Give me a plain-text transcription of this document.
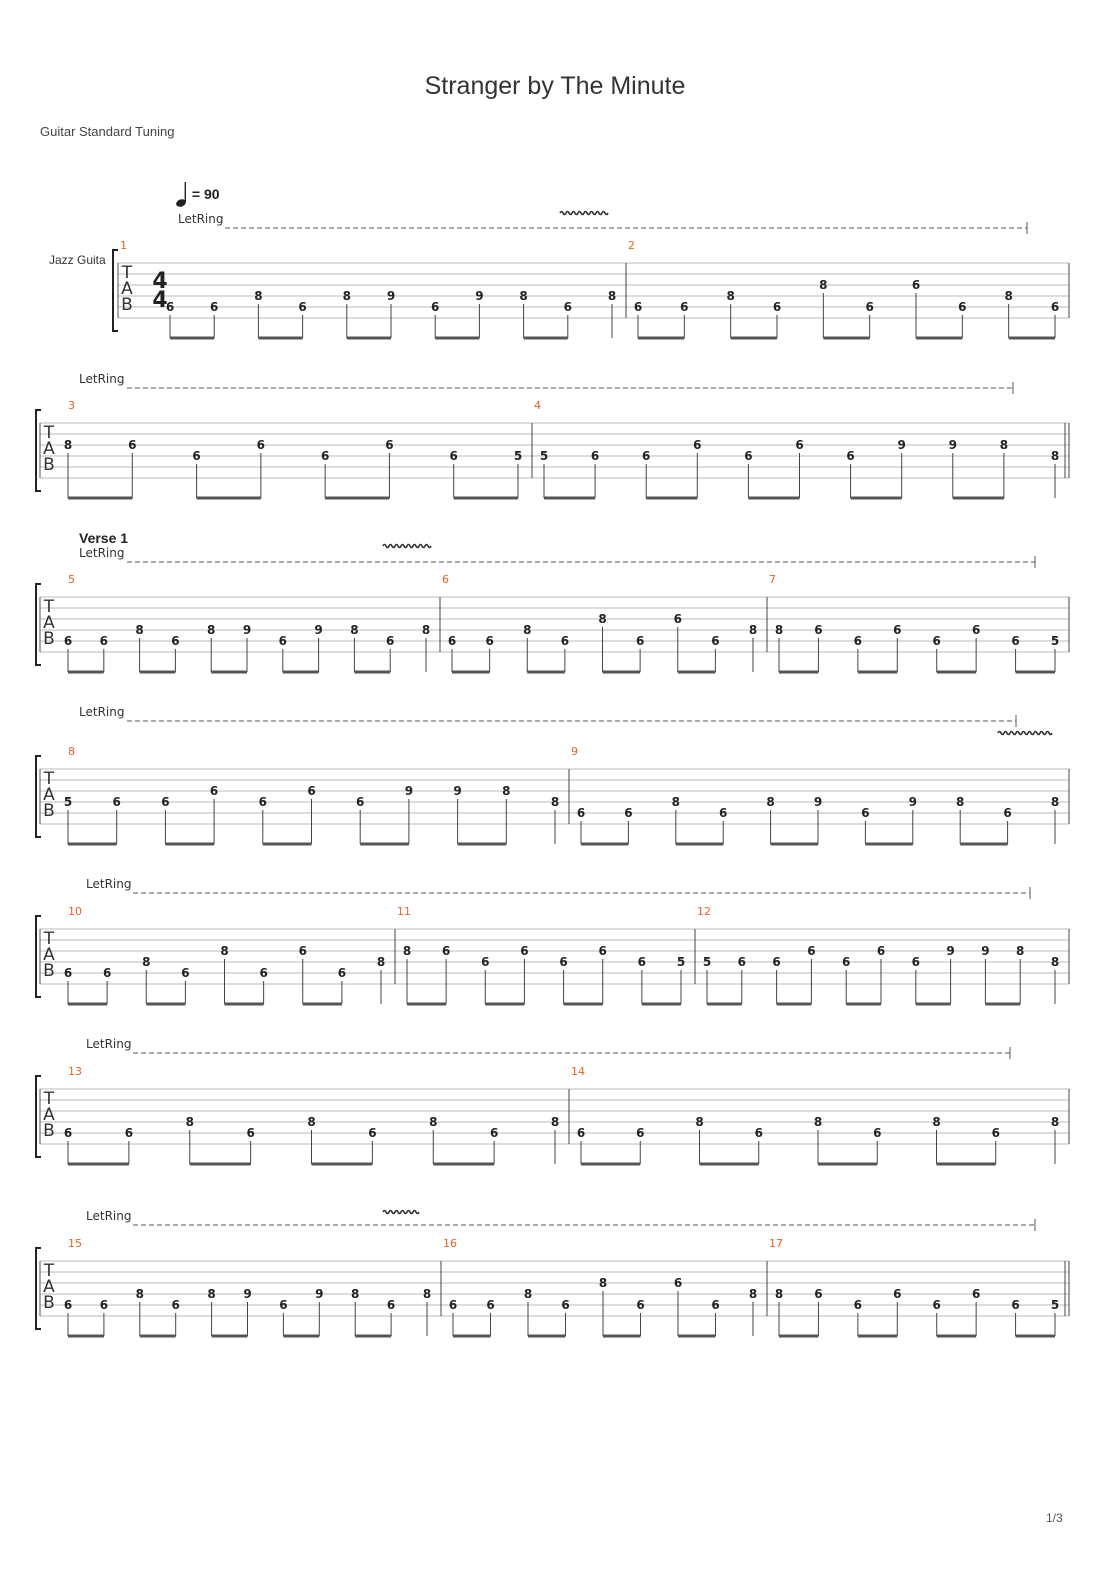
Stranger by The Minute
Guitar Standard Tuning
Jazz Guita
= 90
Verse 1
1/3
LetRing
T
A
B
4
4
1
6	6
8
6
8	9
6
9	8
6
8
2
6	6
8
6
8
6
6
6
8
6
LetRing
T
A
B
3
8	6
6
6
6
6
6	5
4
5	6	6
6
6
6
6
9	9	8
8
LetRing
T
A
B
5
6 6
8
6
8 9
6
9 8
6
8
6
6 6
8
6
8
6
6
6
8
7
8	6
6
6
6
6
6	5
LetRing
T
A
B
8
5	6	6
6
6
6
6
9	9	8
8
9
6	6
8
6
8	9
6
9	8
6
8
LetRing
T
A
B
10
6	6
8
6
8
6
6
6
8
11
8	6
6
6
6
6
6	5
12
5 6 6
6
6
6
6
9 9 8
8
LetRing
T
A
B
13
6	6
8
6
8
6
8
6
8
14
6	6
8
6
8
6
8
6
8
LetRing
T
A
B
15
6 6
8
6
8 9
6
9 8
6
8
16
6 6
8
6
8
6
6
6
8
17
8	6
6
6
6
6
6	5
